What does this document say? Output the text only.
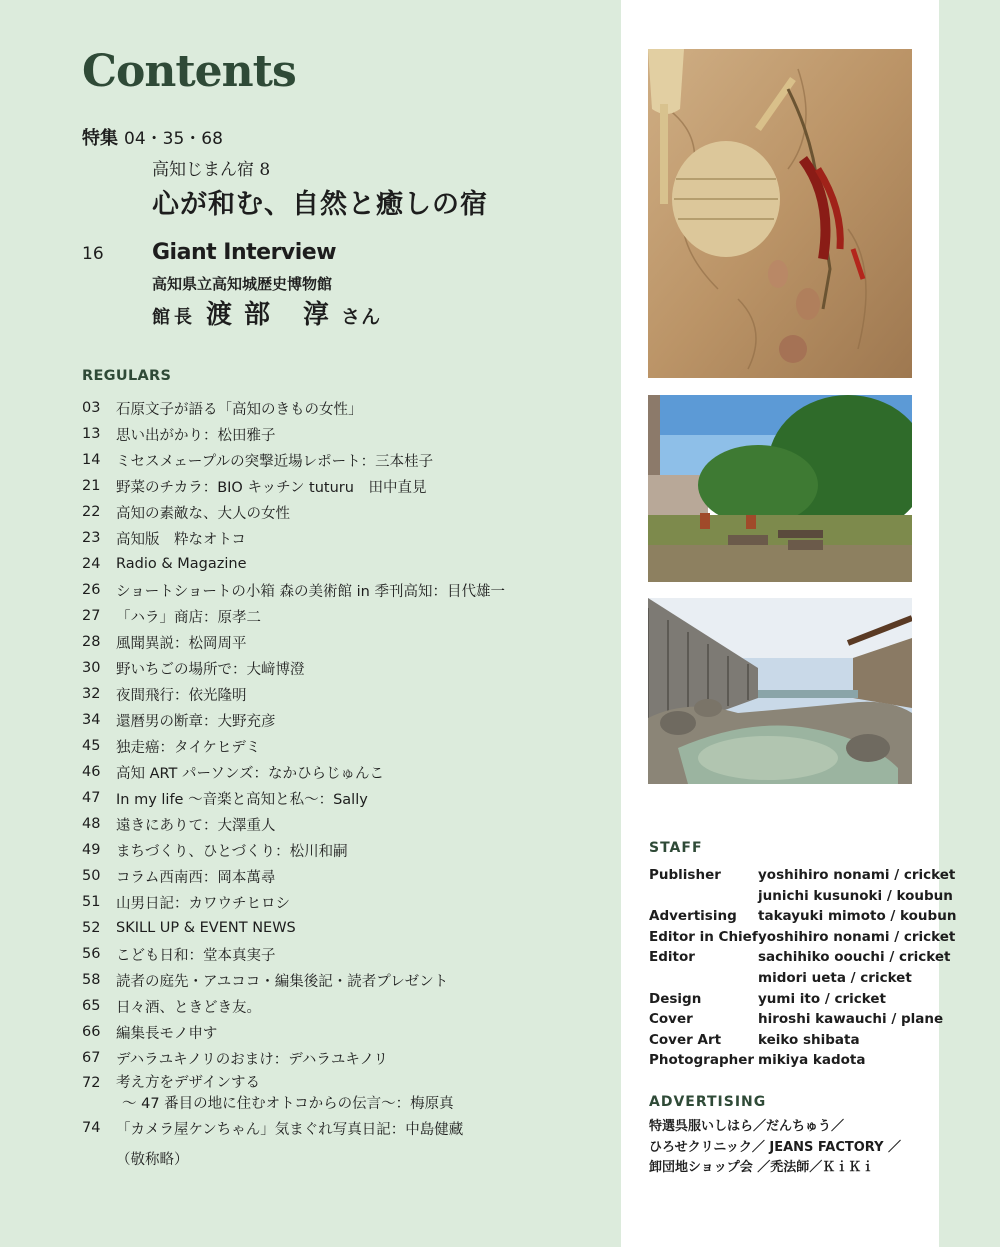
Contents
特集 04・35・68
高知じまん宿 8
心が和む、自然と癒しの宿
16 Giant Interview
高知県立高知城歴史博物館
館長 渡部 淳さん
REGULARS
03	石原文子が語る「高知のきもの女性」
13	思い出がかり：松田雅子
14	ミセスメェープルの突撃近場レポート：三本桂子
21	野菜のチカラ：BIO キッチン tuturu　田中直見
22	高知の素敵な、大人の女性
23	高知版　粋なオトコ
24	Radio & Magazine
26	ショートショートの小箱 森の美術館 in 季刊高知：目代雄一
27	「ハラ」商店：原孝二
28	風聞異説：松岡周平
30	野いちごの場所で：大﨑博澄
32	夜間飛行：依光隆明
34	還暦男の断章：大野充彦
45	独走癌：タイケヒデミ
46	高知 ART パーソンズ：なかひらじゅんこ
47	In my life 〜音楽と高知と私〜：Sally
48	遠きにありて：大澤重人
49	まちづくり、ひとづくり：松川和嗣
50	コラム西南西：岡本萬尋
51	山男日記：カワウチヒロシ
52	SKILL UP & EVENT NEWS
56	こども日和：堂本真実子
58	読者の庭先・アユココ・編集後記・読者プレゼント
65	日々酒、ときどき友。
66	編集長モノ申す
67	デハラユキノリのおまけ：デハラユキノリ
72	考え方をデザインする
〜 47 番目の地に住むオトコからの伝言〜：梅原真
74	「カメラ屋ケンちゃん」気まぐれ写真日記：中島健藏
（敬称略）
STAFF
Publisher	yoshihiro nonami / cricket
junichi kusunoki / koubun
Advertising	takayuki mimoto / koubun
Editor in Chief yoshihiro nonami / cricket
Editor	sachihiko oouchi / cricket
midori ueta / cricket
Design	yumi ito / cricket
Cover	hiroshi kawauchi / plane
Cover Art	keiko shibata
Photographer mikiya kadota
ADVERTISING
特選呉服いしはら／だんちゅう／
ひろせクリニック／ JEANS FACTORY ／
卸団地ショップ会 ／禿法師／ＫｉＫｉ
